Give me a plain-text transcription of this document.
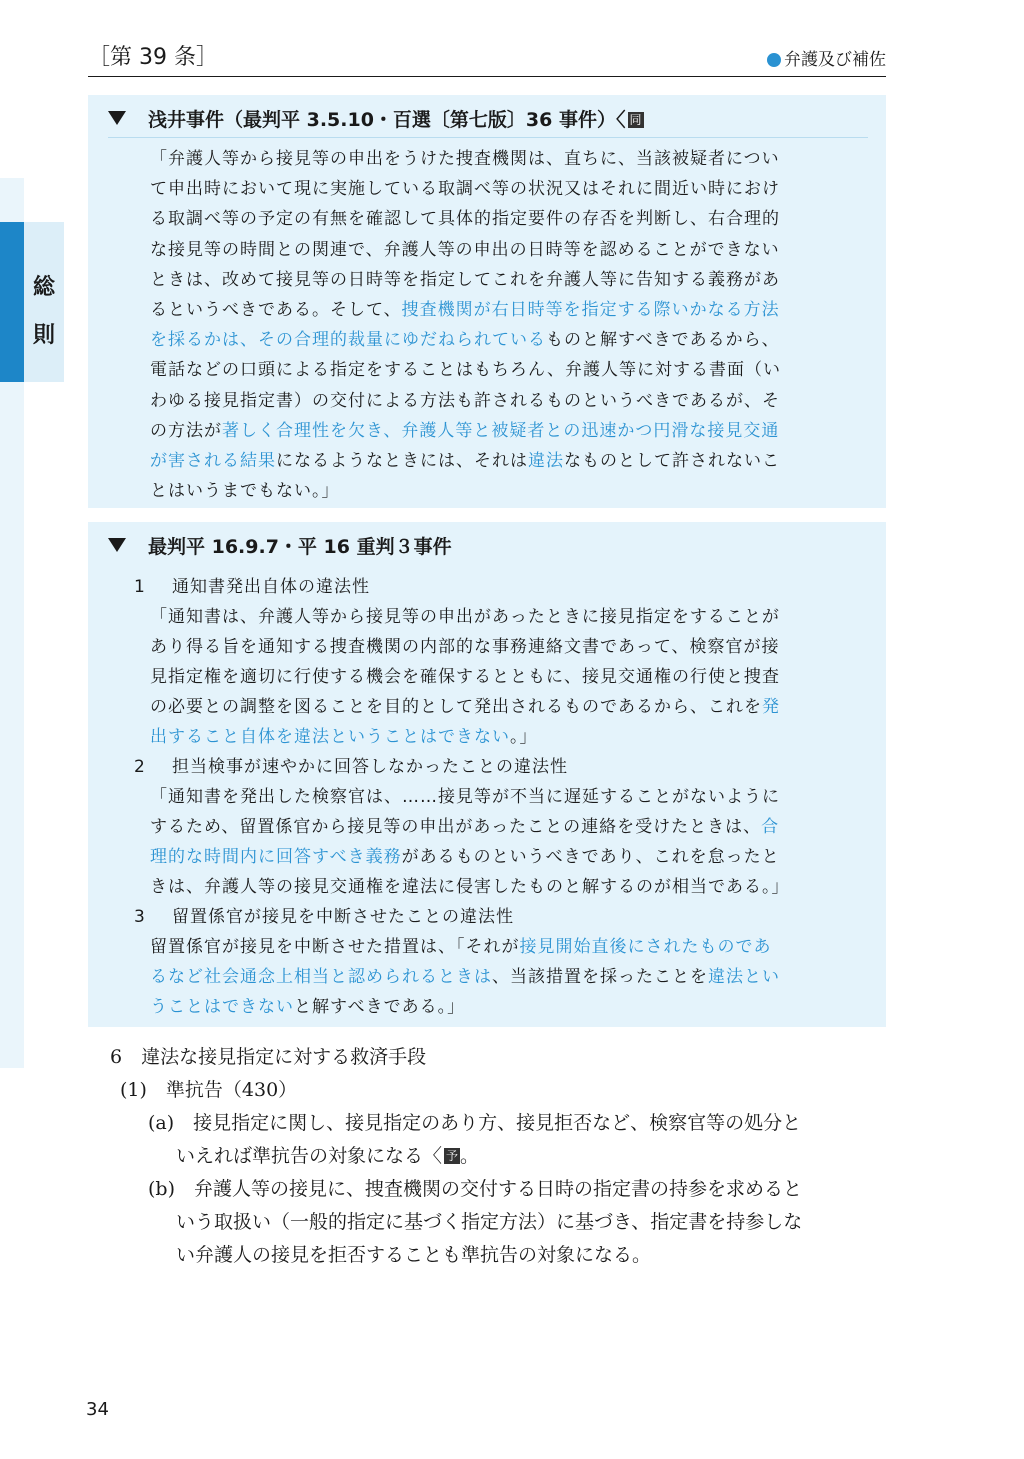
［第 39 条］	弁護及び補佐
総
則
浅井事件（最判平 3.5.10・百選〔第七版〕36 事件）〈 同
「弁護人等から接見等の申出をうけた捜査機関は、直ちに、当該被疑者につい
て申出時において現に実施している取調べ等の状況又はそれに間近い時におけ
る取調べ等の予定の有無を確認して具体的指定要件の存否を判断し、右合理的
な接見等の時間との関連で、弁護人等の申出の日時等を認めることができない
ときは、改めて接見等の日時等を指定してこれを弁護人等に告知する義務があ
るというべきである。そして、捜査機関が右日時等を指定する際いかなる方法
を採るかは、その合理的裁量にゆだねられているものと解すべきであるから、
電話などの口頭による指定をすることはもちろん、弁護人等に対する書面（い
わゆる接見指定書）の交付による方法も許されるものというべきであるが、そ
の方法が著しく合理性を欠き、弁護人等と被疑者との迅速かつ円滑な接見交通
が害される結果になるようなときには、それは違法なものとして許されないこ
とはいうまでもない。」
最判平 16.9.7・平 16 重判３事件
1 通知書発出自体の違法性
「通知書は、弁護人等から接見等の申出があったときに接見指定をすることが
あり得る旨を通知する捜査機関の内部的な事務連絡文書であって、検察官が接
見指定権を適切に行使する機会を確保するとともに、接見交通権の行使と捜査
の必要との調整を図ることを目的として発出されるものであるから、これを発
出すること自体を違法ということはできない。」
2 担当検事が速やかに回答しなかったことの違法性
「通知書を発出した検察官は、……接見等が不当に遅延することがないように
するため、留置係官から接見等の申出があったことの連絡を受けたときは、合
理的な時間内に回答すべき義務があるものというべきであり、これを怠ったと
きは、弁護人等の接見交通権を違法に侵害したものと解するのが相当である。」
3 留置係官が接見を中断させたことの違法性
留置係官が接見を中断させた措置は、「それが接見開始直後にされたものであ
るなど社会通念上相当と認められるときは、当該措置を採ったことを違法とい
うことはできないと解すべきである。」
6　違法な接見指定に対する救済手段
(1)　準抗告（430）
(a)　接見指定に関し、接見指定のあり方、接見拒否など、検察官等の処分と
いえれば準抗告の対象になる〈 予 。
(b)　弁護人等の接見に、捜査機関の交付する日時の指定書の持参を求めると
いう取扱い（一般的指定に基づく指定方法）に基づき、指定書を持参しな
い弁護人の接見を拒否することも準抗告の対象になる。
34
